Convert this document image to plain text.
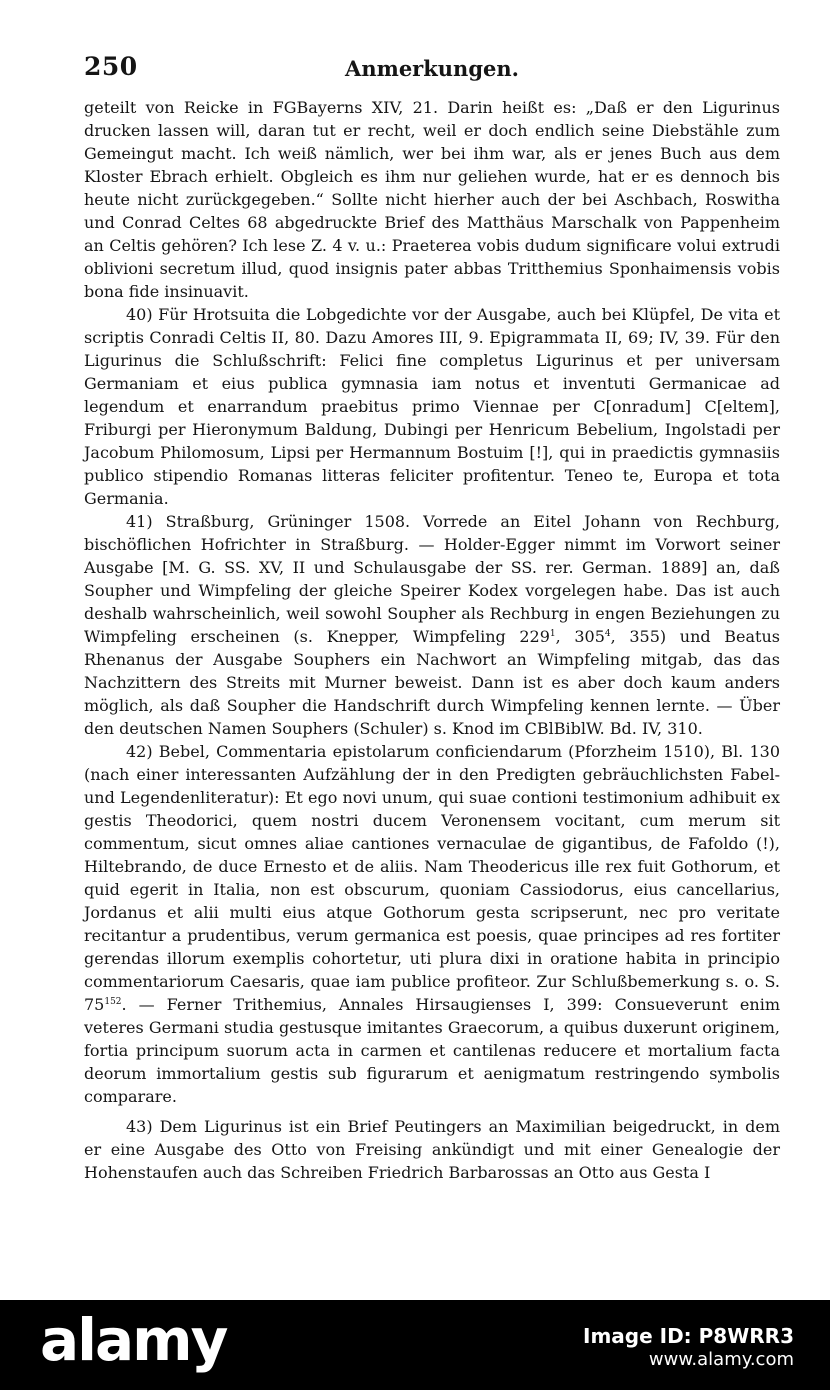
250	Anmerkungen.

geteilt von Reicke in FGBayerns XIV, 21. Darin heißt es: „Daß er den Ligurinus drucken lassen will, daran tut er recht, weil er doch endlich seine Diebstähle zum Gemeingut macht. Ich weiß nämlich, wer bei ihm war, als er jenes Buch aus dem Kloster Ebrach erhielt. Obgleich es ihm nur geliehen wurde, hat er es dennoch bis heute nicht zurückgegeben.“ Sollte nicht hierher auch der bei Aschbach, Roswitha und Conrad Celtes 68 abgedruckte Brief des Matthäus Marschalk von Pappenheim an Celtis gehören? Ich lese Z. 4 v. u.: Praeterea vobis dudum significare volui extrudi oblivioni secretum illud, quod insignis pater abbas Tritthemius Sponhaimensis vobis bona fide insinuavit.

40) Für Hrotsuita die Lobgedichte vor der Ausgabe, auch bei Klüpfel, De vita et scriptis Conradi Celtis II, 80. Dazu Amores III, 9. Epigrammata II, 69; IV, 39. Für den Ligurinus die Schlußschrift: Felici fine completus Ligurinus et per universam Germaniam et eius publica gymnasia iam notus et inventuti Germanicae ad legendum et enarrandum praebitus primo Viennae per C[onradum] C[eltem], Friburgi per Hieronymum Baldung, Dubingi per Henricum Bebelium, Ingolstadi per Jacobum Philomosum, Lipsi per Hermannum Bostuim [!], qui in praedictis gymnasiis publico stipendio Romanas litteras feliciter profitentur. Teneo te, Europa et tota Germania.

41) Straßburg, Grüninger 1508. Vorrede an Eitel Johann von Rechburg, bischöflichen Hofrichter in Straßburg. — Holder-Egger nimmt im Vorwort seiner Ausgabe [M. G. SS. XV, II und Schulausgabe der SS. rer. German. 1889] an, daß Soupher und Wimpfeling der gleiche Speirer Kodex vorgelegen habe. Das ist auch deshalb wahrscheinlich, weil sowohl Soupher als Rechburg in engen Beziehungen zu Wimpfeling erscheinen (s. Knepper, Wimpfeling $229^1$, $305^4$, 355) und Beatus Rhenanus der Ausgabe Souphers ein Nachwort an Wimpfeling mitgab, das das Nachzittern des Streits mit Murner beweist. Dann ist es aber doch kaum anders möglich, als daß Soupher die Handschrift durch Wimpfeling kennen lernte. — Über den deutschen Namen Souphers (Schuler) s. Knod im CBlBiblW. Bd. IV, 310.

42) Bebel, Commentaria epistolarum conficiendarum (Pforzheim 1510), Bl. 130 (nach einer interessanten Aufzählung der in den Predigten gebräuchlichsten Fabel- und Legendenliteratur): Et ego novi unum, qui suae contioni testimonium adhibuit ex gestis Theodorici, quem nostri ducem Veronensem vocitant, cum merum sit commentum, sicut omnes aliae cantiones vernaculae de gigantibus, de Fafoldo (!), Hiltebrando, de duce Ernesto et de aliis. Nam Theodericus ille rex fuit Gothorum, et quid egerit in Italia, non est obscurum, quoniam Cassiodorus, eius cancellarius, Jordanus et alii multi eius atque Gothorum gesta scripserunt, nec pro veritate recitantur a prudentibus, verum germanica est poesis, quae principes ad res fortiter gerendas illorum exemplis cohortetur, uti plura dixi in oratione habita in principio commentariorum Caesaris, quae iam publice profiteor. Zur Schlußbemerkung s. o. S. $75^{152}$. — Ferner Trithemius, Annales Hirsaugienses I, 399: Consueverunt enim veteres Germani studia gestusque imitantes Graecorum, a quibus duxerunt originem, fortia principum suorum acta in carmen et cantilenas reducere et mortalium facta deorum immortalium gestis sub figurarum et aenigmatum restringendo symbolis comparare.

43) Dem Ligurinus ist ein Brief Peutingers an Maximilian beigedruckt, in dem er eine Ausgabe des Otto von Freising ankündigt und mit einer Genealogie der Hohenstaufen auch das Schreiben Friedrich Barbarossas an Otto aus Gesta I

alamy	Image ID: P8WRR3
www.alamy.com
